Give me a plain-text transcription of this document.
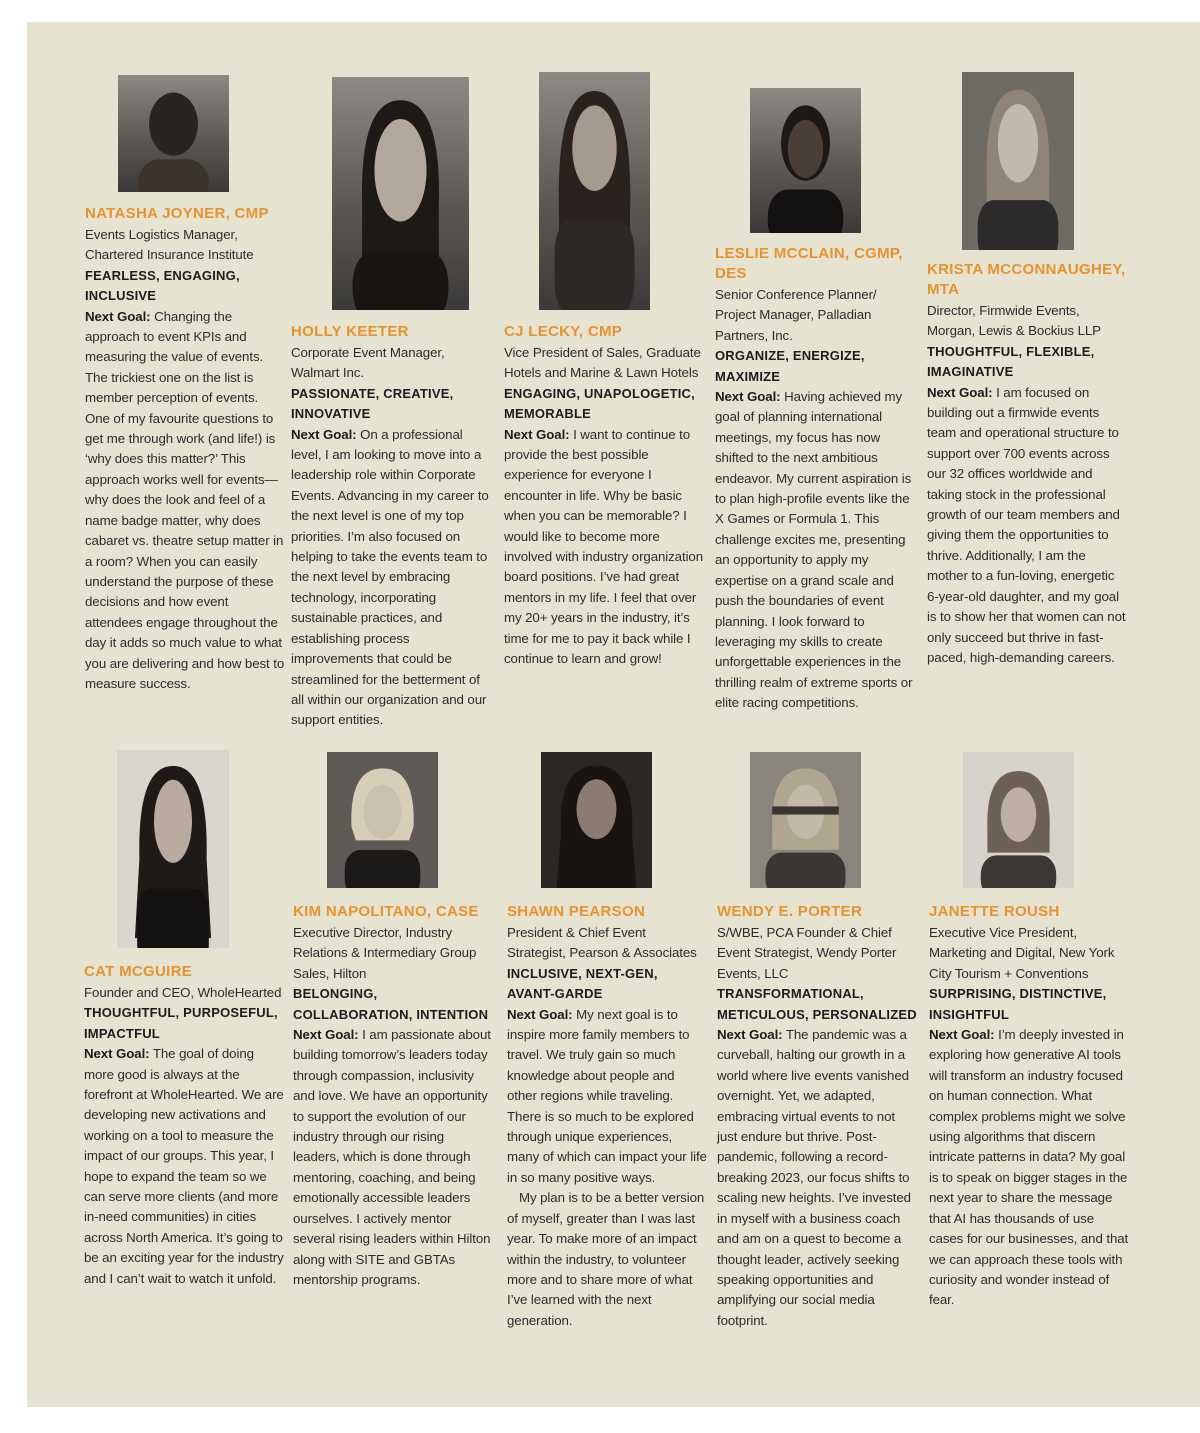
NATASHA JOYNER, CMP

Events Logistics Manager, Chartered Insurance Institute

FEARLESS, ENGAGING, INCLUSIVE

Next Goal: Changing the approach to event KPIs and measuring the value of events. The trickiest one on the list is member perception of events. One of my favourite questions to get me through work (and life!) is ‘why does this matter?’ This approach works well for events—why does the look and feel of a name badge matter, why does cabaret vs. theatre setup matter in a room? When you can easily understand the purpose of these decisions and how event attendees engage throughout the day it adds so much value to what you are delivering and how best to measure success.

HOLLY KEETER

Corporate Event Manager, Walmart Inc.

PASSIONATE, CREATIVE, INNOVATIVE

Next Goal: On a professional level, I am looking to move into a leadership role within Corporate Events. Advancing in my career to the next level is one of my top priorities. I’m also focused on helping to take the events team to the next level by embracing technology, incorporating sustainable practices, and establishing process improvements that could be streamlined for the betterment of all within our organization and our support entities.

CJ LECKY, CMP

Vice President of Sales, Graduate Hotels and Marine & Lawn Hotels

ENGAGING, UNAPOLOGETIC, MEMORABLE

Next Goal: I want to continue to provide the best possible experience for everyone I encounter in life. Why be basic when you can be memorable? I would like to become more involved with industry organization board positions. I’ve had great mentors in my life. I feel that over my 20+ years in the industry, it’s time for me to pay it back while I continue to learn and grow!

LESLIE MCCLAIN, CGMP, DES

Senior Conference Planner/ Project Manager, Palladian Partners, Inc.

ORGANIZE, ENERGIZE, MAXIMIZE

Next Goal: Having achieved my goal of planning international meetings, my focus has now shifted to the next ambitious endeavor. My current aspiration is to plan high-profile events like the X Games or Formula 1. This challenge excites me, presenting an opportunity to apply my expertise on a grand scale and push the boundaries of event planning. I look forward to leveraging my skills to create unforgettable experiences in the thrilling realm of extreme sports or elite racing competitions.

KRISTA MCCONNAUGHEY, MTA

Director, Firmwide Events, Morgan, Lewis & Bockius LLP

THOUGHTFUL, FLEXIBLE, IMAGINATIVE

Next Goal: I am focused on building out a firmwide events team and operational structure to support over 700 events across our 32 offices worldwide and taking stock in the professional growth of our team members and giving them the opportunities to thrive. Additionally, I am the mother to a fun-loving, energetic 6-year-old daughter, and my goal is to show her that women can not only succeed but thrive in fast-paced, high-demanding careers.

CAT MCGUIRE

Founder and CEO, WholeHearted

THOUGHTFUL, PURPOSEFUL, IMPACTFUL

Next Goal: The goal of doing more good is always at the forefront at WholeHearted. We are developing new activations and working on a tool to measure the impact of our groups. This year, I hope to expand the team so we can serve more clients (and more in-need communities) in cities across North America. It’s going to be an exciting year for the industry and I can’t wait to watch it unfold.

KIM NAPOLITANO, CASE

Executive Director, Industry Relations & Intermediary Group Sales, Hilton

BELONGING, COLLABORATION, INTENTION

Next Goal: I am passionate about building tomorrow’s leaders today through compassion, inclusivity and love. We have an opportunity to support the evolution of our industry through our rising leaders, which is done through mentoring, coaching, and being emotionally accessible leaders ourselves. I actively mentor several rising leaders within Hilton along with SITE and GBTAs mentorship programs.

SHAWN PEARSON

President & Chief Event Strategist, Pearson & Associates

INCLUSIVE, NEXT-GEN, AVANT-GARDE

Next Goal: My next goal is to inspire more family members to travel. We truly gain so much knowledge about people and other regions while traveling. There is so much to be explored through unique experiences, many of which can impact your life in so many positive ways.

My plan is to be a better version of myself, greater than I was last year. To make more of an impact within the industry, to volunteer more and to share more of what I’ve learned with the next generation.

WENDY E. PORTER

S/WBE, PCA Founder & Chief Event Strategist, Wendy Porter Events, LLC

TRANSFORMATIONAL, METICULOUS, PERSONALIZED

Next Goal: The pandemic was a curveball, halting our growth in a world where live events vanished overnight. Yet, we adapted, embracing virtual events to not just endure but thrive. Post-pandemic, following a record-breaking 2023, our focus shifts to scaling new heights. I’ve invested in myself with a business coach and am on a quest to become a thought leader, actively seeking speaking opportunities and amplifying our social media footprint.

JANETTE ROUSH

Executive Vice President, Marketing and Digital, New York City Tourism + Conventions

SURPRISING, DISTINCTIVE, INSIGHTFUL

Next Goal: I’m deeply invested in exploring how generative AI tools will transform an industry focused on human connection. What complex problems might we solve using algorithms that discern intricate patterns in data? My goal is to speak on bigger stages in the next year to share the message that AI has thousands of use cases for our businesses, and that we can approach these tools with curiosity and wonder instead of fear.
